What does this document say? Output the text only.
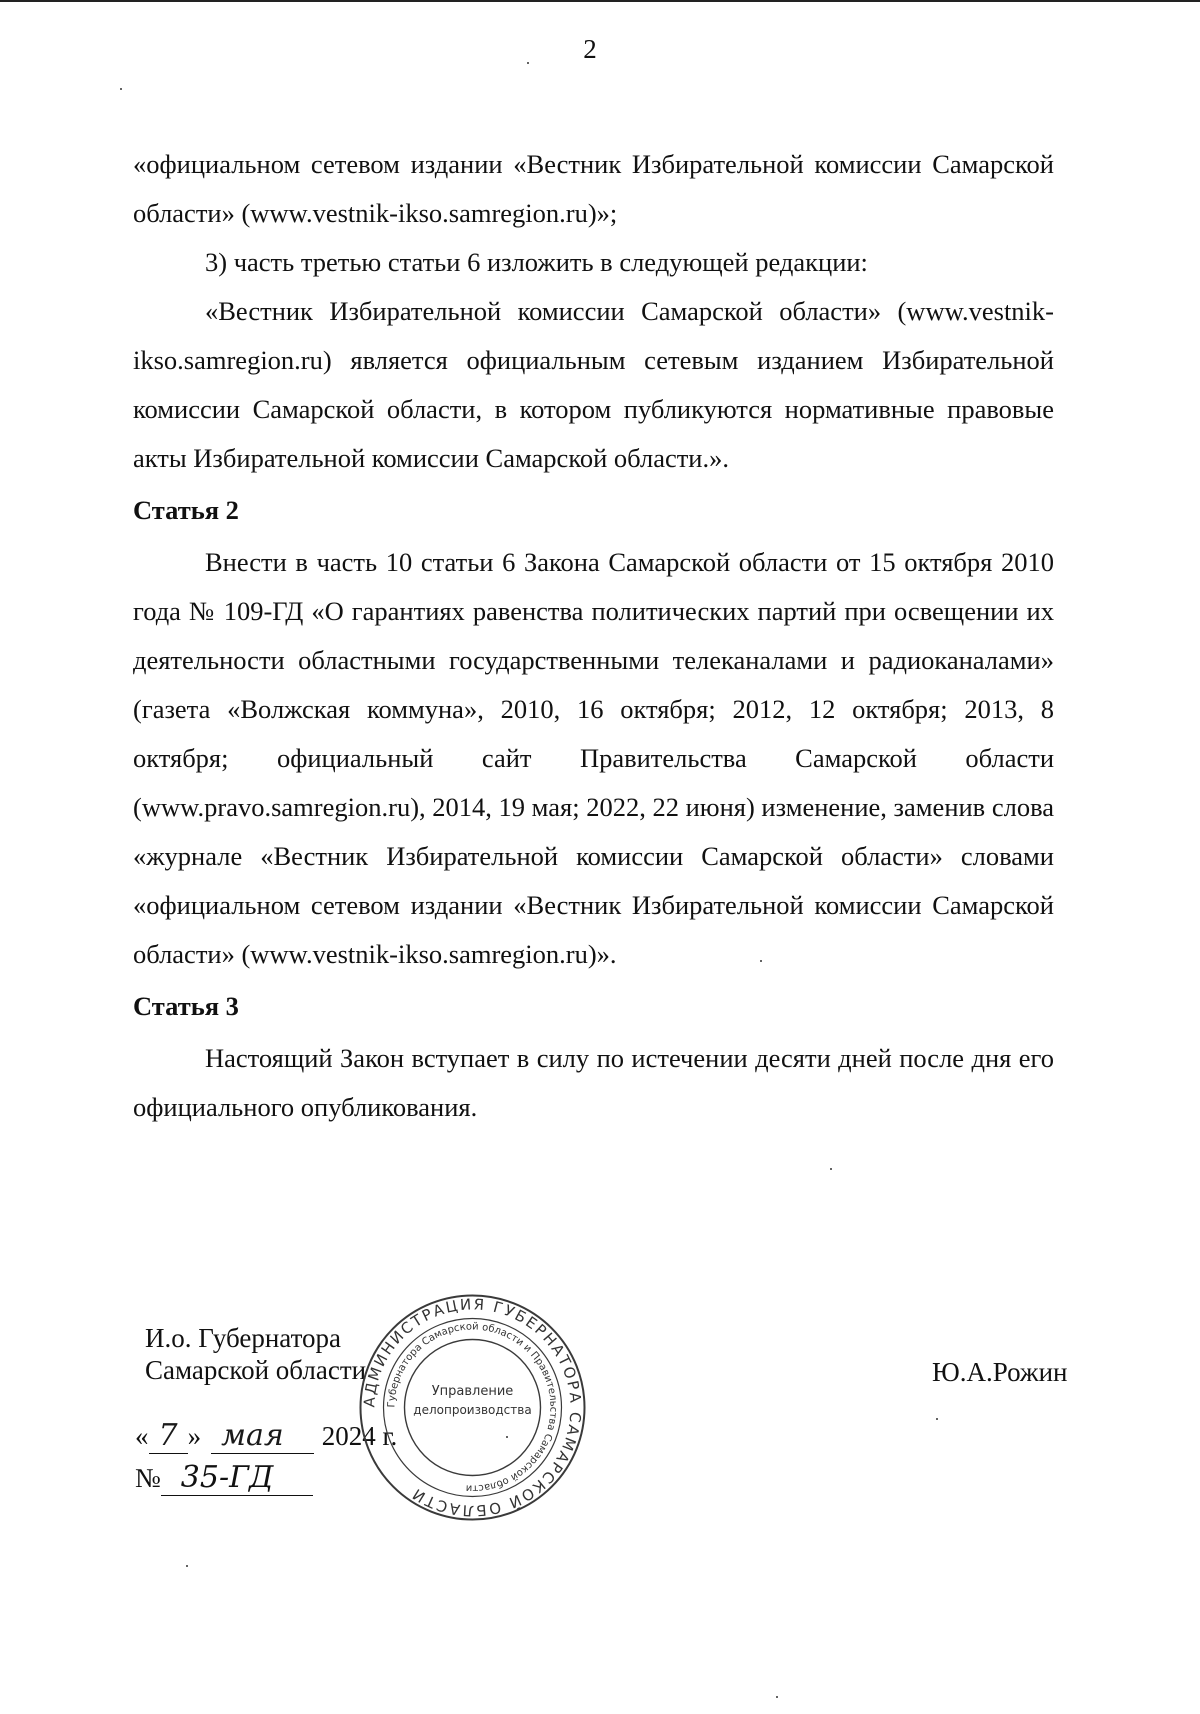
2

«официальном сетевом издании «Вестник Избирательной комиссии Самарской области» (www.vestnik-ikso.samregion.ru)»;

3) часть третью статьи 6 изложить в следующей редакции:

«Вестник Избирательной комиссии Самарской области» (www.vestnik-ikso.samregion.ru) является официальным сетевым изданием Избирательной комиссии Самарской области, в котором публикуются нормативные правовые акты Избирательной комиссии Самарской области.».

Статья 2

Внести в часть 10 статьи 6 Закона Самарской области от 15 октября 2010 года № 109-ГД «О гарантиях равенства политических партий при освещении их деятельности областными государственными телеканалами и радиоканалами» (газета «Волжская коммуна», 2010, 16 октября; 2012, 12 октября; 2013, 8 октября; официальный сайт Правительства Самарской области (www.pravo.samregion.ru), 2014, 19 мая; 2022, 22 июня) изменение, заменив слова «журнале «Вестник Избирательной комиссии Самарской области» словами «официальном сетевом издании «Вестник Избирательной комиссии Самарской области» (www.vestnik-ikso.samregion.ru)».

Статья 3

Настоящий Закон вступает в силу по истечении десяти дней после дня его официального опубликования.

И.о. Губернатора
Самарской области	Ю.А.Рожин
« 7 » мая	2024 г.
№ 35-ГД
АДМИНИСТРАЦИЯ ГУБЕРНАТОРА САМАРСКОЙ ОБЛАСТИ
Губернатора Самарской области и Правительства Самарской области
Управление
делопроизводства
